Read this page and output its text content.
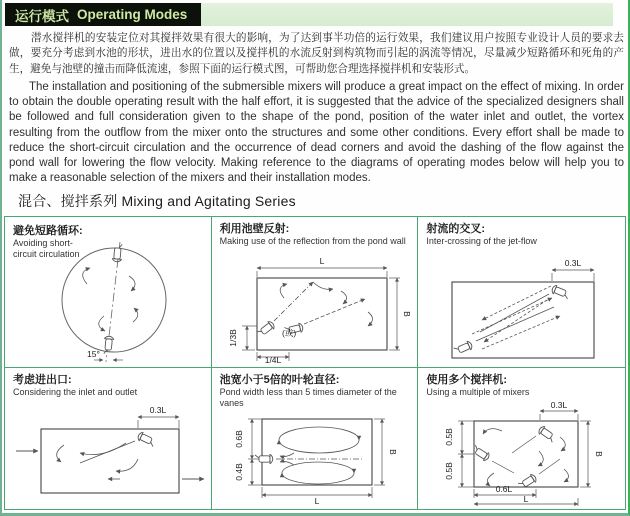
运行模式 Operating Modes

潜水搅拌机的安装定位对其搅拌效果有很大的影响，为了达到事半功倍的运行效果，我们建议用户按照专业设计人员的要求去做，要充分考虑到水池的形状，进出水的位置以及搅拌机的水流反射到构筑物而引起的涡流等情况，尽量减少短路循环和死角的产生，避免与池壁的撞击而降低流速，参照下面的运行模式图，可帮助您合理选择搅拌机和安装形式。

The installation and positioning of the submersible mixers will produce a great impact on the effect of mixing. In order to obtain the double operating result with the half effort, it is suggested that the advice of the specialized designers shall be followed and full consideration given to the shape of the pond, position of the water inlet and outlet, the vortex resulting from the outflow from the mixer onto the structures and some other conditions. Every effort shall be made to reduce the short-circuit circulation and the occurrence of dead corners and avoid the dashing of the flow against the pond wall for lowering the flow velocity. Making reference to the diagrams of operating modes below will help you to make a reasonable selection of the mixers and their installation modes.

混合、搅拌系列 Mixing and Agitating Series
避免短路循环:
Avoiding short-circuit circulation
15°
利用池壁反射:
Making use of the reflection from the pond wall
L
B
1/3B
1/4L
(或)
射流的交叉:
Inter-crossing of the jet-flow
0.3L
考虑进出口:
Considering the inlet and outlet
0.3L
池宽小于5倍的叶轮直径:
Pond width less than 5 times diameter of the vanes
0.6B
0.4B
B
L
使用多个搅拌机:
Using a multiple of mixers
0.3L
0.5B
0.5B
B
0.6L
L
